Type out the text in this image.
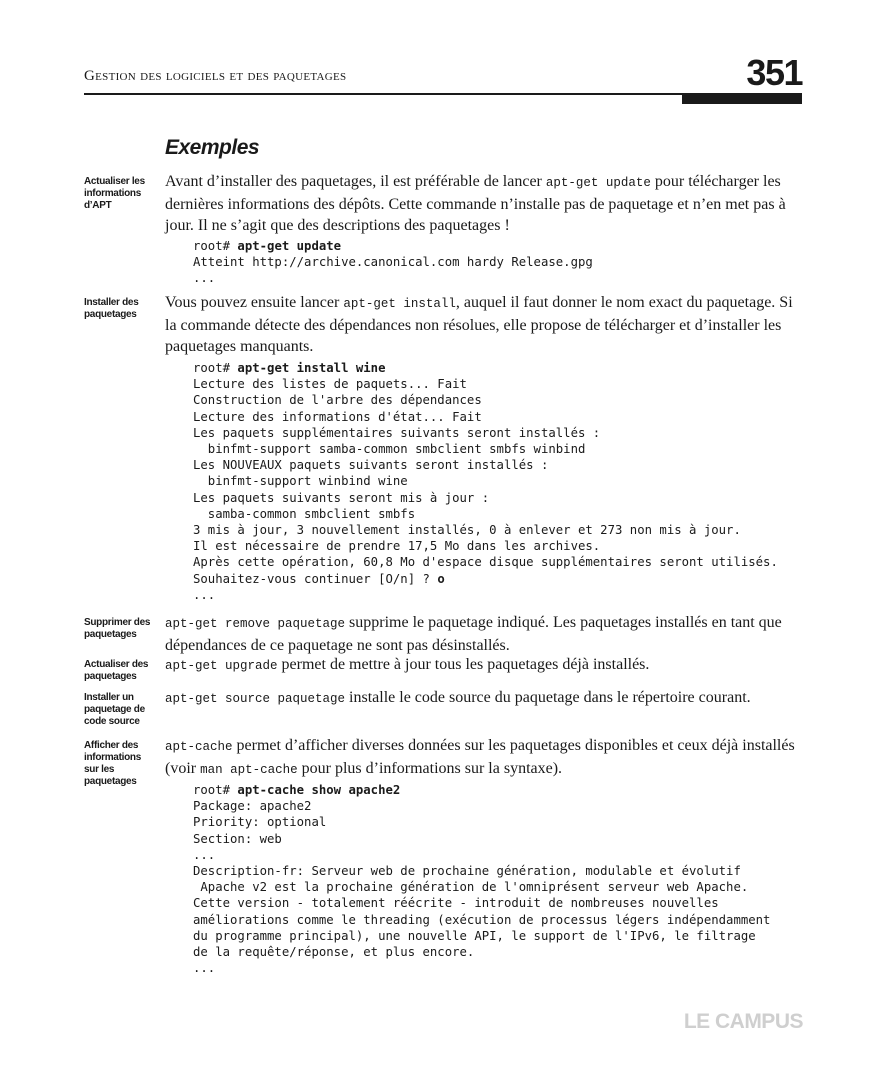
Gestion des logiciels et des paquetages	351
Exemples
Actualiser les informations d’APT
Installer des paquetages
Supprimer des paquetages
Actualiser des paquetages
Installer un paquetage de code source
Afficher des informations sur les paquetages
Avant d’installer des paquetages, il est préférable de lancer apt-get update pour télécharger les dernières informations des dépôts. Cette commande n’installe pas de paquetage et n’en met pas à jour. Il ne s’agit que des descriptions des paquetages !
root# apt-get update
Atteint http://archive.canonical.com hardy Release.gpg
...
Vous pouvez ensuite lancer apt-get install, auquel il faut donner le nom exact du paquetage. Si la commande détecte des dépendances non résolues, elle propose de télécharger et d’installer les paquetages manquants.
root# apt-get install wine
Lecture des listes de paquets... Fait
Construction de l'arbre des dépendances
Lecture des informations d'état... Fait
Les paquets supplémentaires suivants seront installés :
binfmt-support samba-common smbclient smbfs winbind
Les NOUVEAUX paquets suivants seront installés :
binfmt-support winbind wine
Les paquets suivants seront mis à jour :
samba-common smbclient smbfs
3 mis à jour, 3 nouvellement installés, 0 à enlever et 273 non mis à jour.
Il est nécessaire de prendre 17,5 Mo dans les archives.
Après cette opération, 60,8 Mo d'espace disque supplémentaires seront utilisés.
Souhaitez-vous continuer [O/n] ? o
...
apt-get remove paquetage supprime le paquetage indiqué. Les paquetages installés en tant que dépendances de ce paquetage ne sont pas désinstallés.
apt-get upgrade permet de mettre à jour tous les paquetages déjà installés.
apt-get source paquetage installe le code source du paquetage dans le répertoire courant.
apt-cache permet d’afficher diverses données sur les paquetages disponibles et ceux déjà installés (voir man apt-cache pour plus d’informations sur la syntaxe).
root# apt-cache show apache2
Package: apache2
Priority: optional
Section: web
...
Description-fr: Serveur web de prochaine génération, modulable et évolutif
Apache v2 est la prochaine génération de l'omniprésent serveur web Apache.
Cette version - totalement réécrite - introduit de nombreuses nouvelles
améliorations comme le threading (exécution de processus légers indépendamment
du programme principal), une nouvelle API, le support de l'IPv6, le filtrage
de la requête/réponse, et plus encore.
...
LE CAMPUS
